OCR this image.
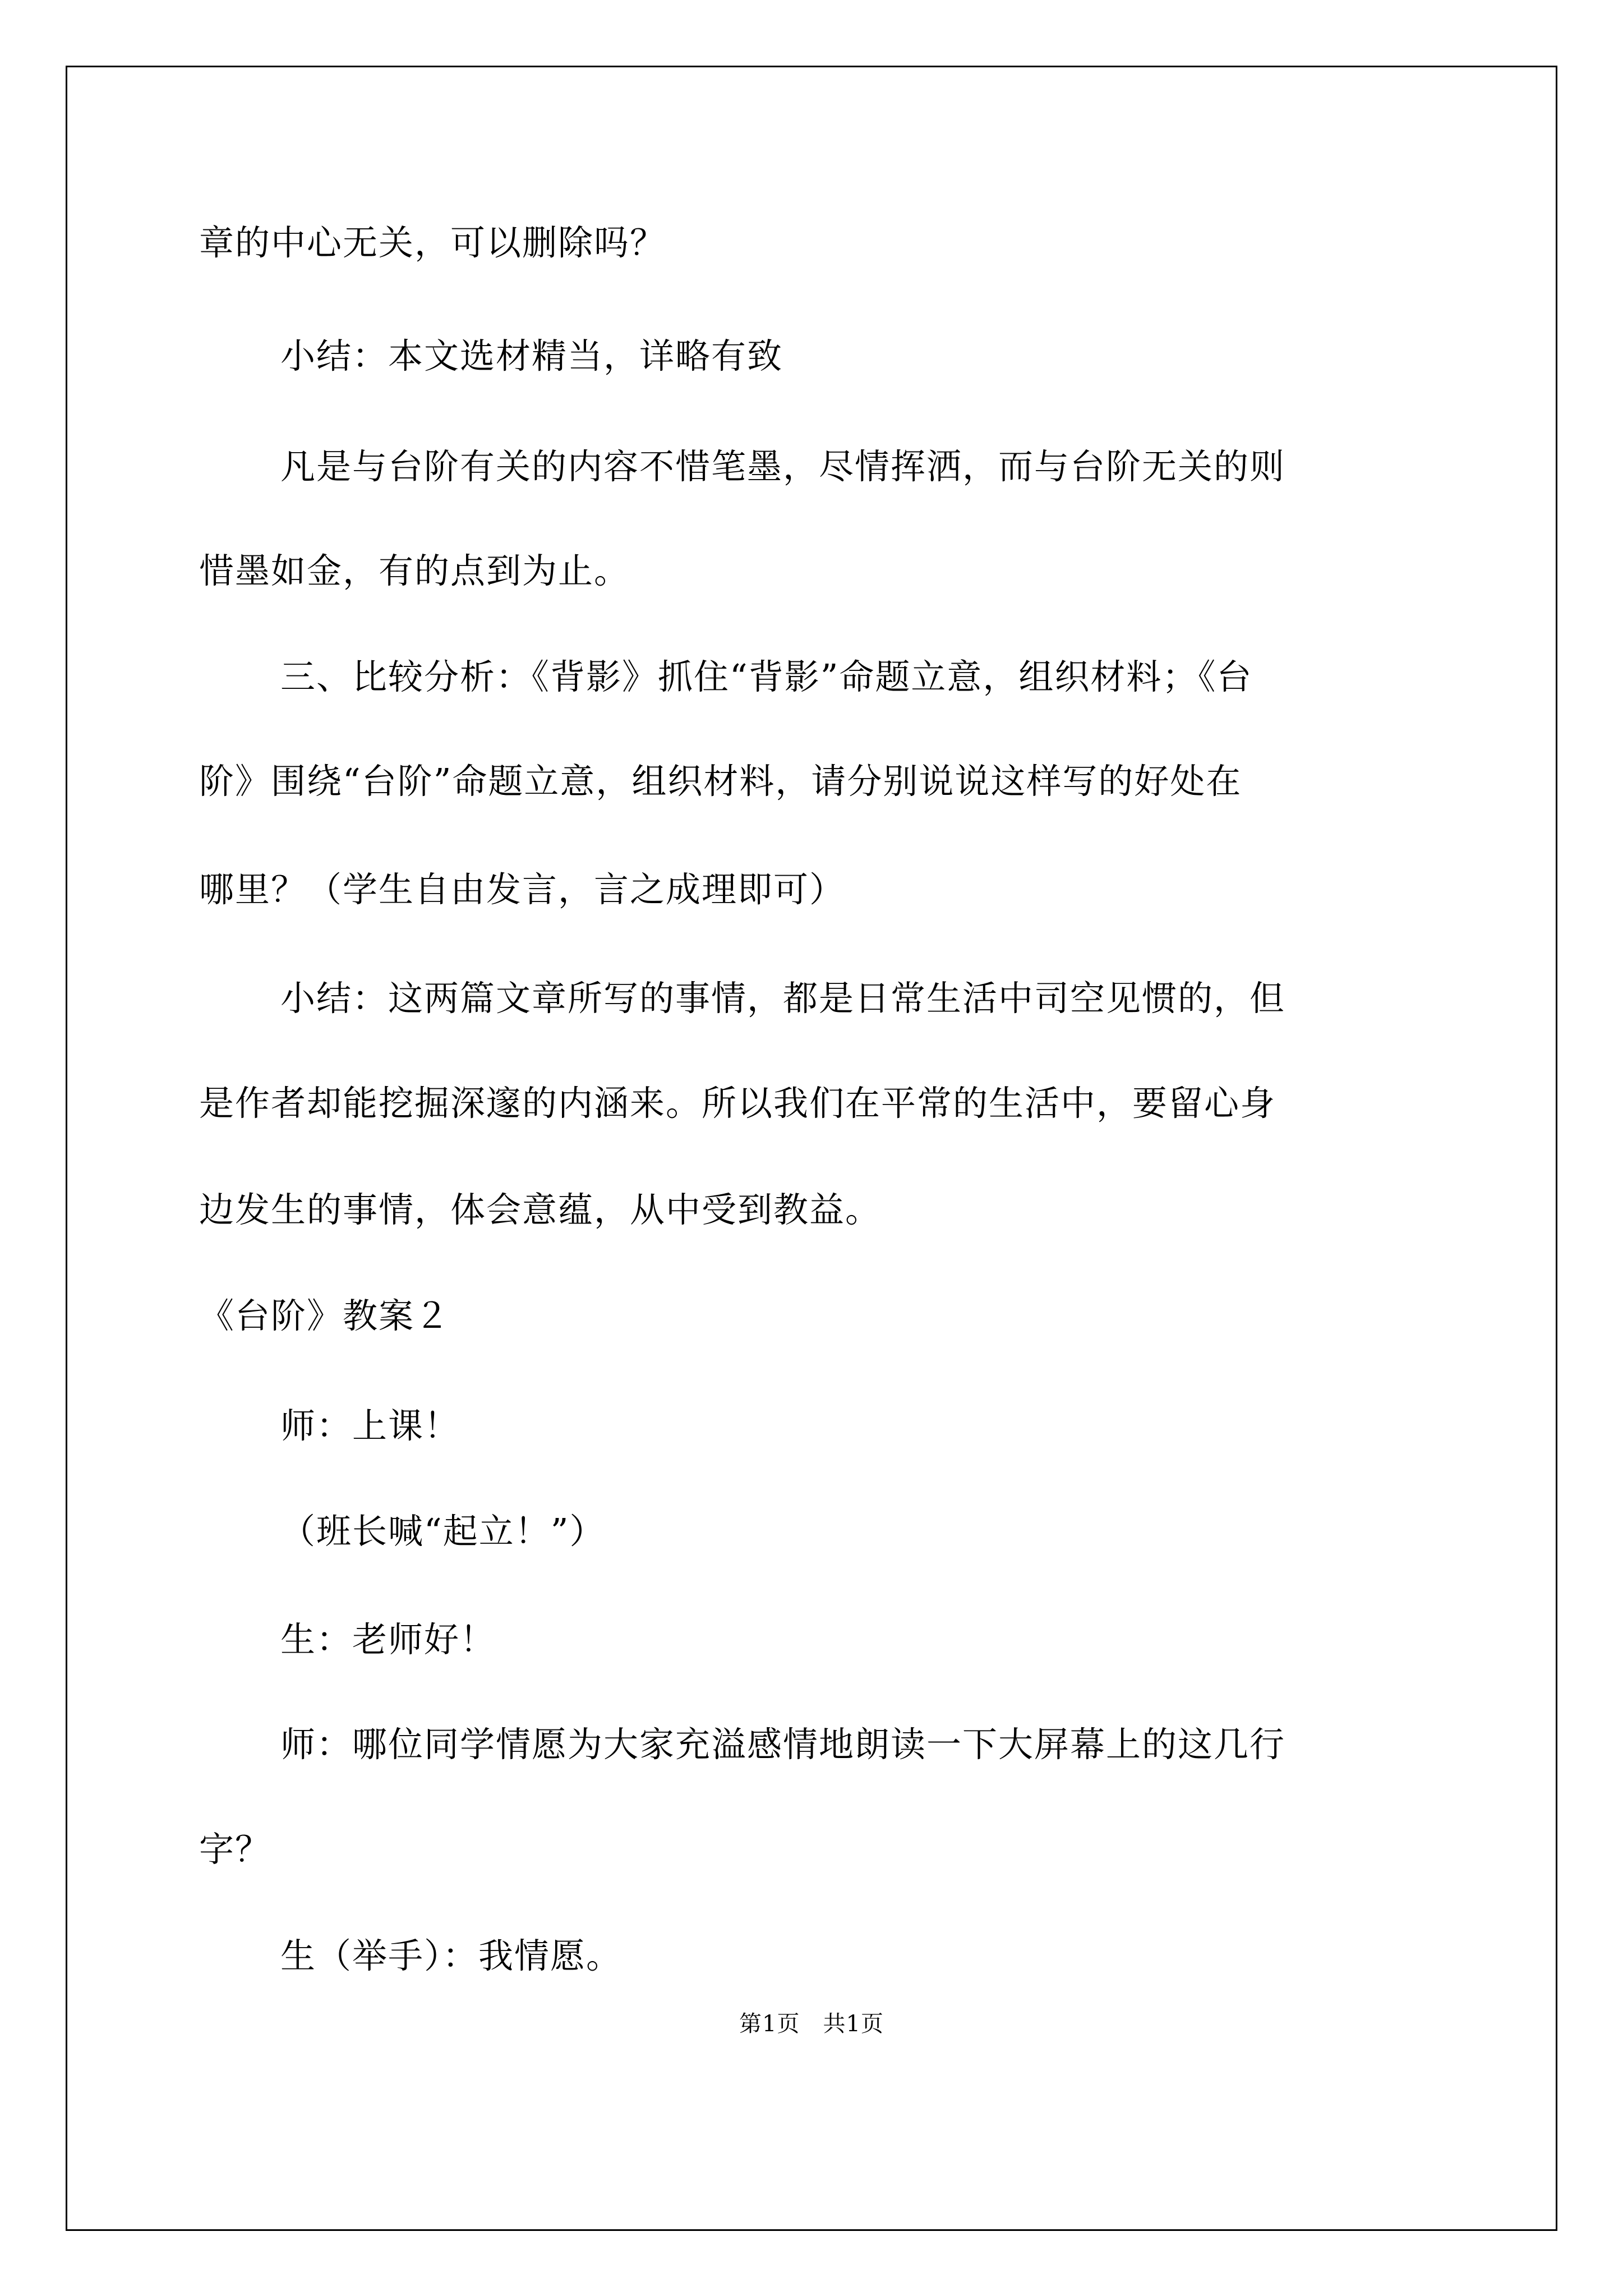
章的中心无关，可以删除吗？
小结：本文选材精当，详略有致
凡是与台阶有关的内容不惜笔墨，尽情挥洒，而与台阶无关的则
惜墨如金，有的点到为止。
三、比较分析：《背影》抓住“背影”命题立意，组织材料；《台
阶》围绕“台阶”命题立意，组织材料，请分别说说这样写的好处在
哪里？（学生自由发言，言之成理即可）
小结：这两篇文章所写的事情，都是日常生活中司空见惯的，但
是作者却能挖掘深邃的内涵来。所以我们在平常的生活中，要留心身
边发生的事情，体会意蕴，从中受到教益。
《台阶》教案２
师：上课！
（班长喊“起立！”）
生：老师好！
师：哪位同学情愿为大家充溢感情地朗读一下大屏幕上的这几行
字？
生（举手）：我情愿。
第1页　共1页
